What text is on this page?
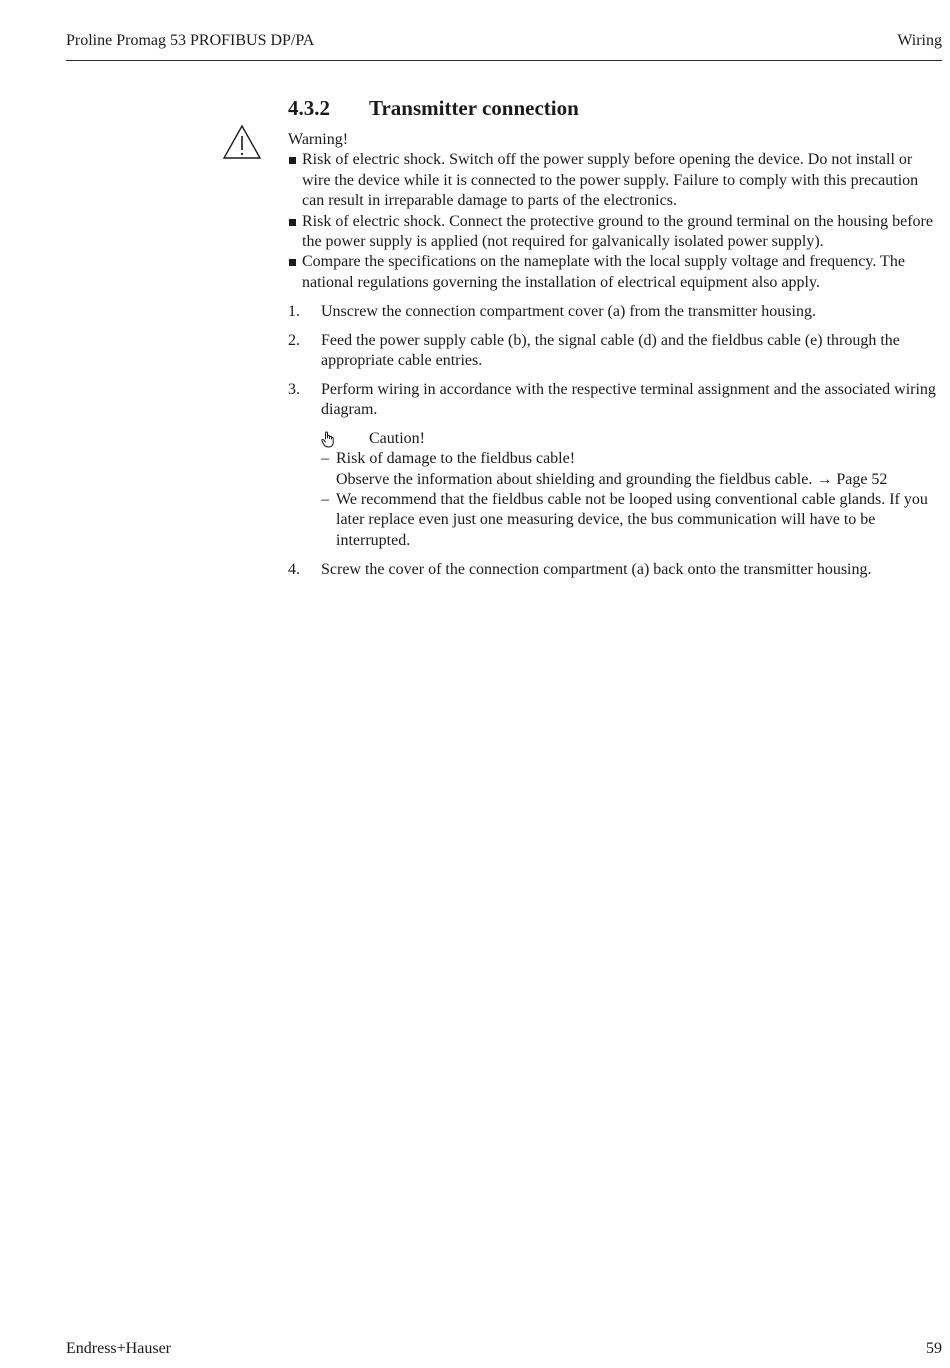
Proline Promag 53 PROFIBUS DP/PA	Wiring
4.3.2 Transmitter connection

Warning!

Risk of electric shock. Switch off the power supply before opening the device. Do not install or wire the device while it is connected to the power supply. Failure to comply with this precaution can result in irreparable damage to parts of the electronics.
Risk of electric shock. Connect the protective ground to the ground terminal on the housing before the power supply is applied (not required for galvanically isolated power supply).
Compare the specifications on the nameplate with the local supply voltage and frequency. The national regulations governing the installation of electrical equipment also apply.
1. Unscrew the connection compartment cover (a) from the transmitter housing.
2. Feed the power supply cable (b), the signal cable (d) and the fieldbus cable (e) through the appropriate cable entries.
3. Perform wiring in accordance with the respective terminal assignment and the associated wiring diagram.
Caution!
– Risk of damage to the fieldbus cable!
Observe the information about shielding and grounding the fieldbus cable. → Page 52
– We recommend that the fieldbus cable not be looped using conventional cable glands. If you later replace even just one measuring device, the bus communication will have to be interrupted.
4. Screw the cover of the connection compartment (a) back onto the transmitter housing.
Endress+Hauser	59
